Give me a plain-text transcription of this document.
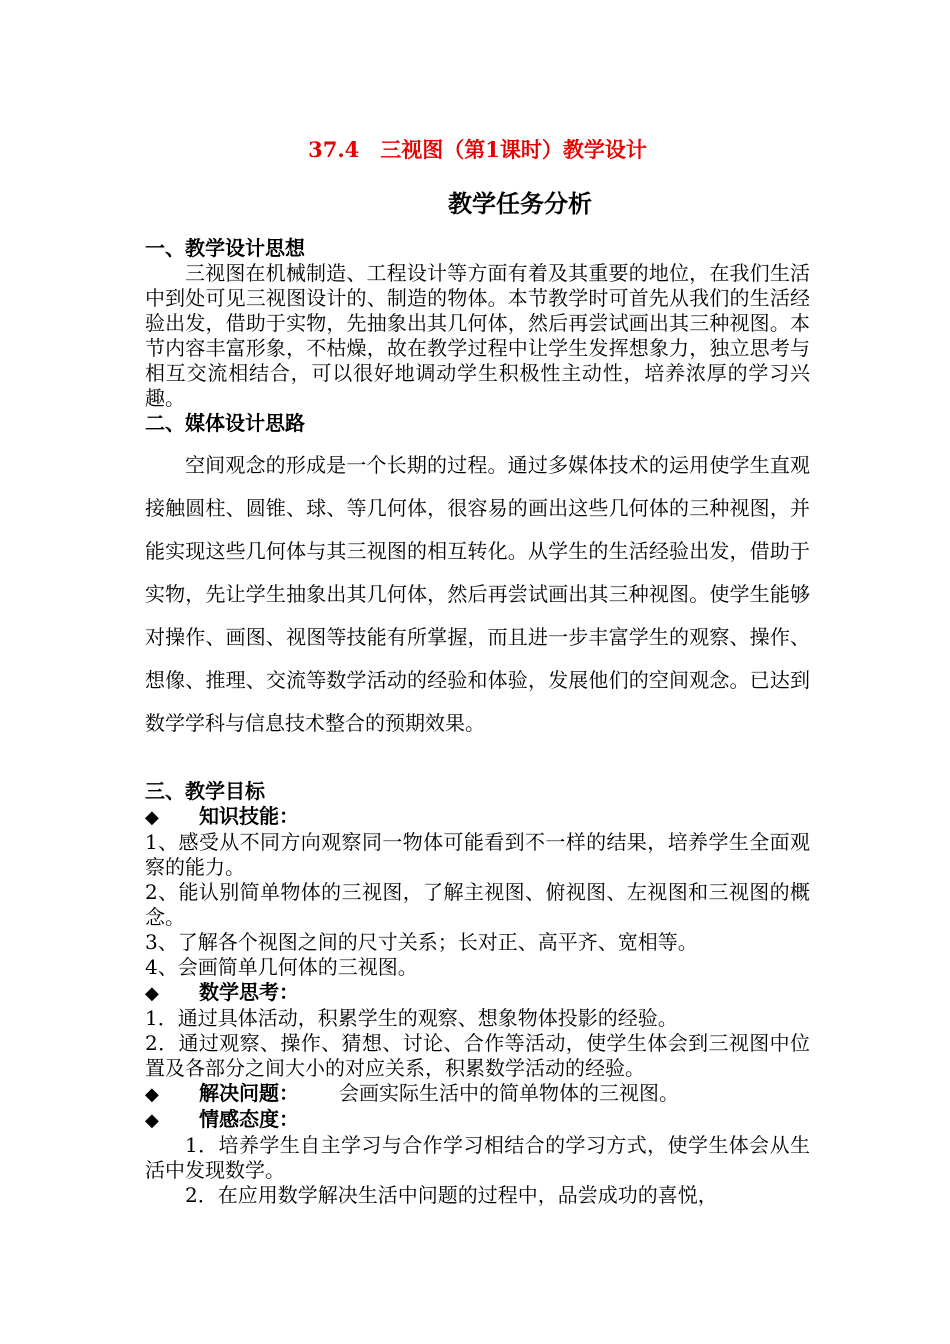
37.4　三视图（第1课时）教学设计
教学任务分析

一、教学设计思想

三视图在机械制造、工程设计等方面有着及其重要的地位，在我们生活中到处可见三视图设计的、制造的物体。本节教学时可首先从我们的生活经验出发，借助于实物，先抽象出其几何体，然后再尝试画出其三种视图。本节内容丰富形象，不枯燥，故在教学过程中让学生发挥想象力，独立思考与相互交流相结合，可以很好地调动学生积极性主动性，培养浓厚的学习兴趣。

二、媒体设计思路

空间观念的形成是一个长期的过程。通过多媒体技术的运用使学生直观接触圆柱、圆锥、球、等几何体，很容易的画出这些几何体的三种视图，并能实现这些几何体与其三视图的相互转化。从学生的生活经验出发，借助于实物，先让学生抽象出其几何体，然后再尝试画出其三种视图。使学生能够对操作、画图、视图等技能有所掌握，而且进一步丰富学生的观察、操作、想像、推理、交流等数学活动的经验和体验，发展他们的空间观念。已达到数学学科与信息技术整合的预期效果。

三、教学目标

◆ 知识技能：

1、感受从不同方向观察同一物体可能看到不一样的结果，培养学生全面观察的能力。

2、能认别简单物体的三视图，了解主视图、俯视图、左视图和三视图的概念。

3、了解各个视图之间的尺寸关系；长对正、高平齐、宽相等。

4、会画简单几何体的三视图。

◆ 数学思考：

1．通过具体活动，积累学生的观察、想象物体投影的经验。

2．通过观察、操作、猜想、讨论、合作等活动，使学生体会到三视图中位置及各部分之间大小的对应关系，积累数学活动的经验。

◆ 解决问题： 会画实际生活中的简单物体的三视图。

◆ 情感态度：

1．培养学生自主学习与合作学习相结合的学习方式，使学生体会从生活中发现数学。

2．在应用数学解决生活中问题的过程中，品尝成功的喜悦，
